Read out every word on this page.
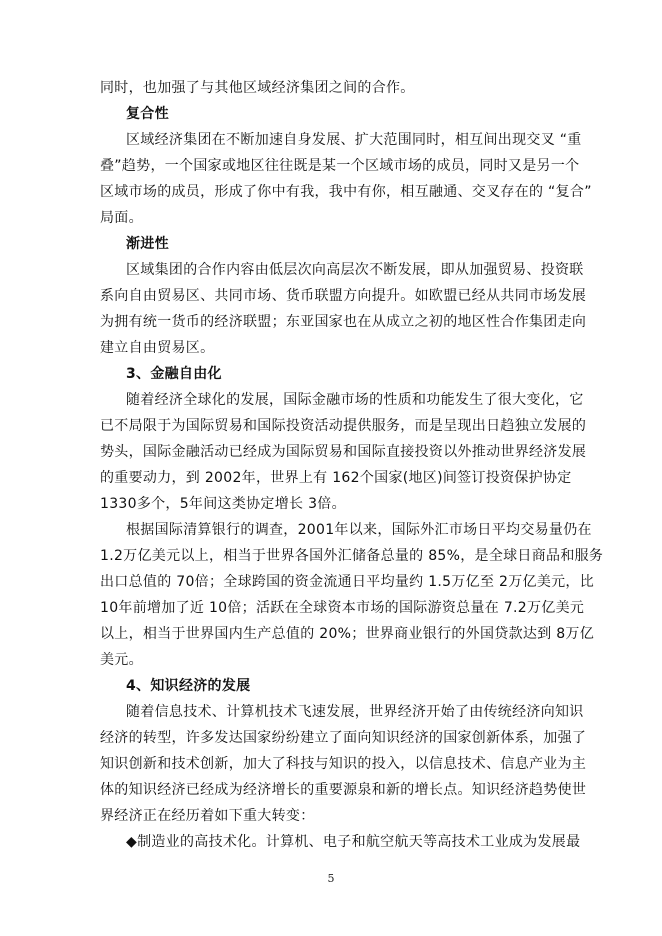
同时，也加强了与其他区域经济集团之间的合作。
复合性
区域经济集团在不断加速自身发展、扩大范围同时，相互间出现交叉 “重
叠”趋势，一个国家或地区往往既是某一个区域市场的成员，同时又是另一个
区域市场的成员，形成了你中有我，我中有你，相互融通、交叉存在的 “复合”
局面。
渐进性
区域集团的合作内容由低层次向高层次不断发展，即从加强贸易、投资联
系向自由贸易区、共同市场、货币联盟方向提升。如欧盟已经从共同市场发展
为拥有统一货币的经济联盟；东亚国家也在从成立之初的地区性合作集团走向
建立自由贸易区。
3、金融自由化
随着经济全球化的发展，国际金融市场的性质和功能发生了很大变化，它
已不局限于为国际贸易和国际投资活动提供服务，而是呈现出日趋独立发展的
势头，国际金融活动已经成为国际贸易和国际直接投资以外推动世界经济发展
的重要动力，到 2002年，世界上有 162个国家(地区)间签订投资保护协定
1330多个，5年间这类协定增长 3倍。
根据国际清算银行的调查，2001年以来，国际外汇市场日平均交易量仍在
1.2万亿美元以上，相当于世界各国外汇储备总量的 85%，是全球日商品和服务
出口总值的 70倍；全球跨国的资金流通日平均量约 1.5万亿至 2万亿美元，比
10年前增加了近 10倍；活跃在全球资本市场的国际游资总量在 7.2万亿美元
以上，相当于世界国内生产总值的 20%；世界商业银行的外国贷款达到 8万亿
美元。
4、知识经济的发展
随着信息技术、计算机技术飞速发展，世界经济开始了由传统经济向知识
经济的转型，许多发达国家纷纷建立了面向知识经济的国家创新体系，加强了
知识创新和技术创新，加大了科技与知识的投入，以信息技术、信息产业为主
体的知识经济已经成为经济增长的重要源泉和新的增长点。知识经济趋势使世
界经济正在经历着如下重大转变：
◆制造业的高技术化。计算机、电子和航空航天等高技术工业成为发展最
5
